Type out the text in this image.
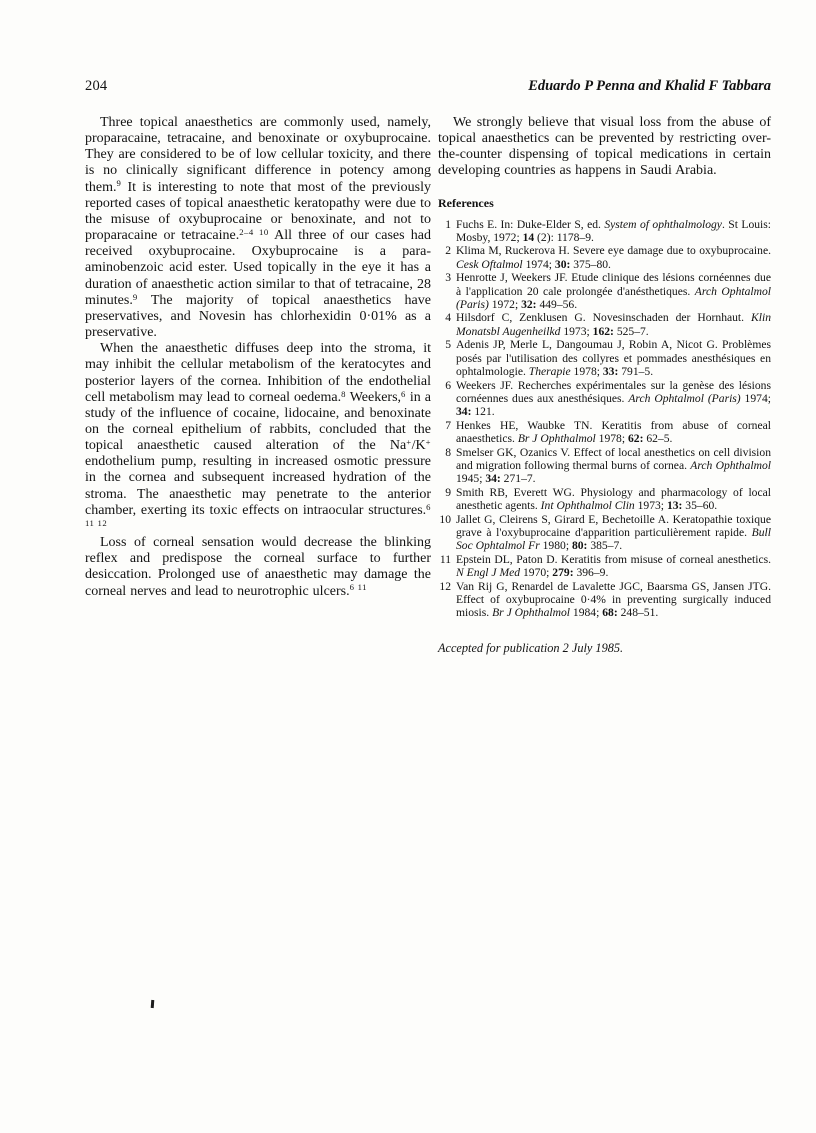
204	Eduardo P Penna and Khalid F Tabbara

Three topical anaesthetics are commonly used, namely, proparacaine, tetracaine, and benoxinate or oxybuprocaine. They are considered to be of low cellular toxicity, and there is no clinically significant difference in potency among them.$^9$ It is interesting to note that most of the previously reported cases of topical anaesthetic keratopathy were due to the misuse of oxybuprocaine or benoxinate, and not to proparacaine or tetracaine.$^{2-4 10}$ All three of our cases had received oxybuprocaine. Oxybuprocaine is a para-aminobenzoic acid ester. Used topically in the eye it has a duration of anaesthetic action similar to that of tetracaine, 28 minutes.$^9$ The majority of topical anaesthetics have preservatives, and Novesin has chlorhexidin 0·01% as a preservative.

When the anaesthetic diffuses deep into the stroma, it may inhibit the cellular metabolism of the keratocytes and posterior layers of the cornea. Inhibition of the endothelial cell metabolism may lead to corneal oedema.$^8$ Weekers,$^6$ in a study of the influence of cocaine, lidocaine, and benoxinate on the corneal epithelium of rabbits, concluded that the topical anaesthetic caused alteration of the Na+/K+ endothelium pump, resulting in increased osmotic pressure in the cornea and subsequent increased hydration of the stroma. The anaesthetic may penetrate to the anterior chamber, exerting its toxic effects on intraocular structures.$^{6 11 12}$

Loss of corneal sensation would decrease the blinking reflex and predispose the corneal surface to further desiccation. Prolonged use of anaesthetic may damage the corneal nerves and lead to neurotrophic ulcers.$^{6 11}$

We strongly believe that visual loss from the abuse of topical anaesthetics can be prevented by restricting over-the-counter dispensing of topical medications in certain developing countries as happens in Saudi Arabia.

References
1 Fuchs E. In: Duke-Elder S, ed. System of ophthalmology. St Louis: Mosby, 1972; 14 (2): 1178–9.
2 Klima M, Ruckerova H. Severe eye damage due to oxybuprocaine. Cesk Oftalmol 1974; 30: 375–80.
3 Henrotte J, Weekers JF. Etude clinique des lésions cornéennes due à l'application 20 cale prolongée d'anésthetiques. Arch Ophtalmol (Paris) 1972; 32: 449–56.
4 Hilsdorf C, Zenklusen G. Novesinschaden der Hornhaut. Klin Monatsbl Augenheilkd 1973; 162: 525–7.
5 Adenis JP, Merle L, Dangoumau J, Robin A, Nicot G. Problèmes posés par l'utilisation des collyres et pommades anesthésiques en ophtalmologie. Therapie 1978; 33: 791–5.
6 Weekers JF. Recherches expérimentales sur la genèse des lésions cornéennes dues aux anesthésiques. Arch Ophtalmol (Paris) 1974; 34: 121.
7 Henkes HE, Waubke TN. Keratitis from abuse of corneal anaesthetics. Br J Ophthalmol 1978; 62: 62–5.
8 Smelser GK, Ozanics V. Effect of local anesthetics on cell division and migration following thermal burns of cornea. Arch Ophthalmol 1945; 34: 271–7.
9 Smith RB, Everett WG. Physiology and pharmacology of local anesthetic agents. Int Ophthalmol Clin 1973; 13: 35–60.
10 Jallet G, Cleirens S, Girard E, Bechetoille A. Keratopathie toxique grave à l'oxybuprocaine d'apparition particulièrement rapide. Bull Soc Ophtalmol Fr 1980; 80: 385–7.
11 Epstein DL, Paton D. Keratitis from misuse of corneal anesthetics. N Engl J Med 1970; 279: 396–9.
12 Van Rij G, Renardel de Lavalette JGC, Baarsma GS, Jansen JTG. Effect of oxybuprocaine 0·4% in preventing surgically induced miosis. Br J Ophthalmol 1984; 68: 248–51.
Accepted for publication 2 July 1985.
